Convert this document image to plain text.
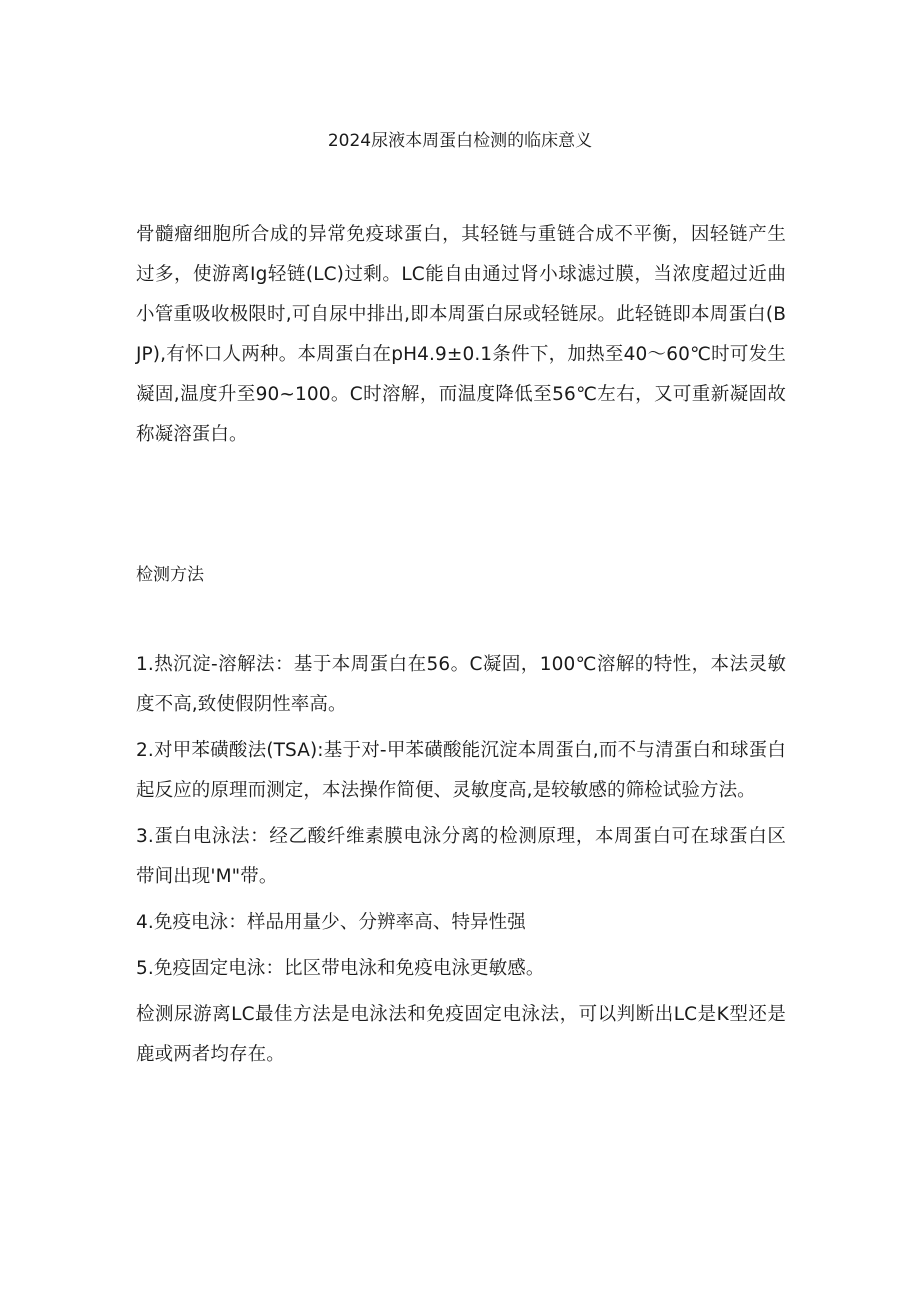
2024尿液本周蛋白检测的临床意义

骨髓瘤细胞所合成的异常免疫球蛋白，其轻链与重链合成不平衡，因轻链产生过多，使游离Ig轻链(LC)过剩。LC能自由通过肾小球滤过膜，当浓度超过近曲小管重吸收极限时,可自尿中排出,即本周蛋白尿或轻链尿。此轻链即本周蛋白(BJP),有怀口人两种。本周蛋白在pH4.9±0.1条件下，加热至40〜60℃时可发生凝固,温度升至90~100。C时溶解，而温度降低至56℃左右，又可重新凝固故称凝溶蛋白。

检测方法
1.热沉淀-溶解法：基于本周蛋白在56。C凝固，100℃溶解的特性，本法灵敏度不高,致使假阴性率高。
2.对甲苯磺酸法(TSA):基于对-甲苯磺酸能沉淀本周蛋白,而不与清蛋白和球蛋白起反应的原理而测定，本法操作简便、灵敏度高,是较敏感的筛检试验方法。
3.蛋白电泳法：经乙酸纤维素膜电泳分离的检测原理，本周蛋白可在球蛋白区带间出现'M"带。
4.免疫电泳：样品用量少、分辨率高、特异性强
5.免疫固定电泳：比区带电泳和免疫电泳更敏感。
检测尿游离LC最佳方法是电泳法和免疫固定电泳法，可以判断出LC是K型还是鹿或两者均存在。
